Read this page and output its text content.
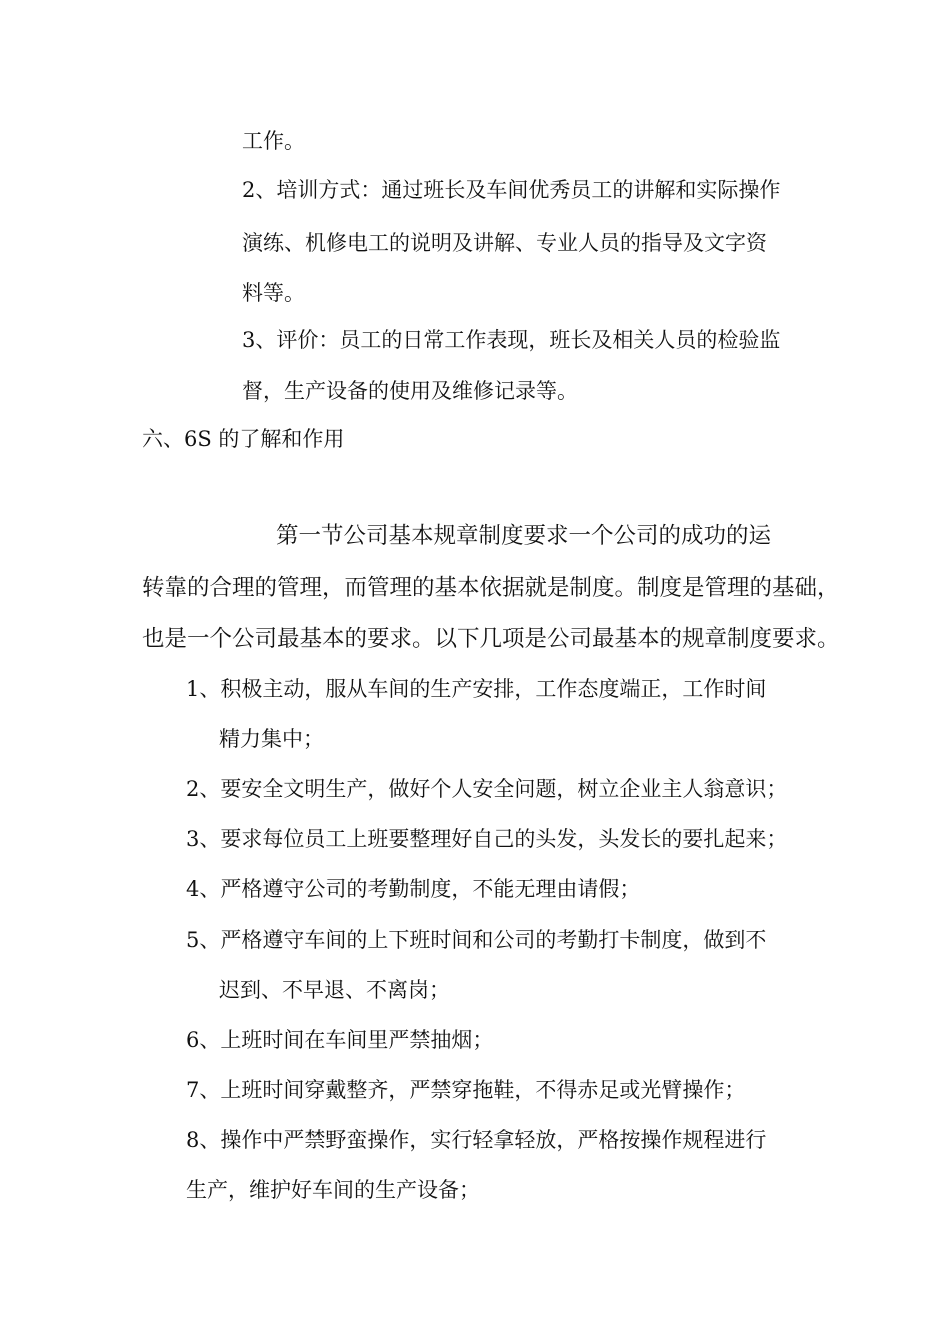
工作。

2、培训方式：通过班长及车间优秀员工的讲解和实际操作

演练、机修电工的说明及讲解、专业人员的指导及文字资

料等。

3、评价：员工的日常工作表现，班长及相关人员的检验监

督，生产设备的使用及维修记录等。

六、6S 的了解和作用

第一节公司基本规章制度要求一个公司的成功的运

转靠的合理的管理，而管理的基本依据就是制度。制度是管理的基础，

也是一个公司最基本的要求。以下几项是公司最基本的规章制度要求。

1、积极主动，服从车间的生产安排，工作态度端正，工作时间

精力集中；

2、要安全文明生产，做好个人安全问题，树立企业主人翁意识；

3、要求每位员工上班要整理好自己的头发，头发长的要扎起来；

4、严格遵守公司的考勤制度，不能无理由请假；

5、严格遵守车间的上下班时间和公司的考勤打卡制度，做到不

迟到、不早退、不离岗；

6、上班时间在车间里严禁抽烟；

7、上班时间穿戴整齐，严禁穿拖鞋，不得赤足或光臂操作；

8、操作中严禁野蛮操作，实行轻拿轻放，严格按操作规程进行

生产，维护好车间的生产设备；
